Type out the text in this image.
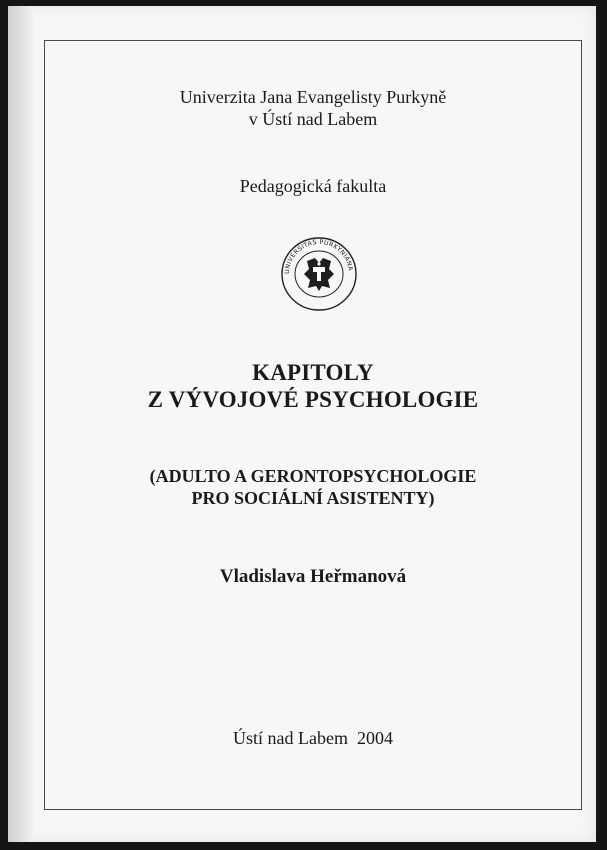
Univerzita Jana Evangelisty Purkyně
v Ústí nad Labem
Pedagogická fakulta
UNIVERSITAS PURKYNIANA
KAPITOLY
Z VÝVOJOVÉ PSYCHOLOGIE
(ADULTO A GERONTOPSYCHOLOGIE
PRO SOCIÁLNÍ ASISTENTY)
Vladislava Heřmanová
Ústí nad Labem  2004
